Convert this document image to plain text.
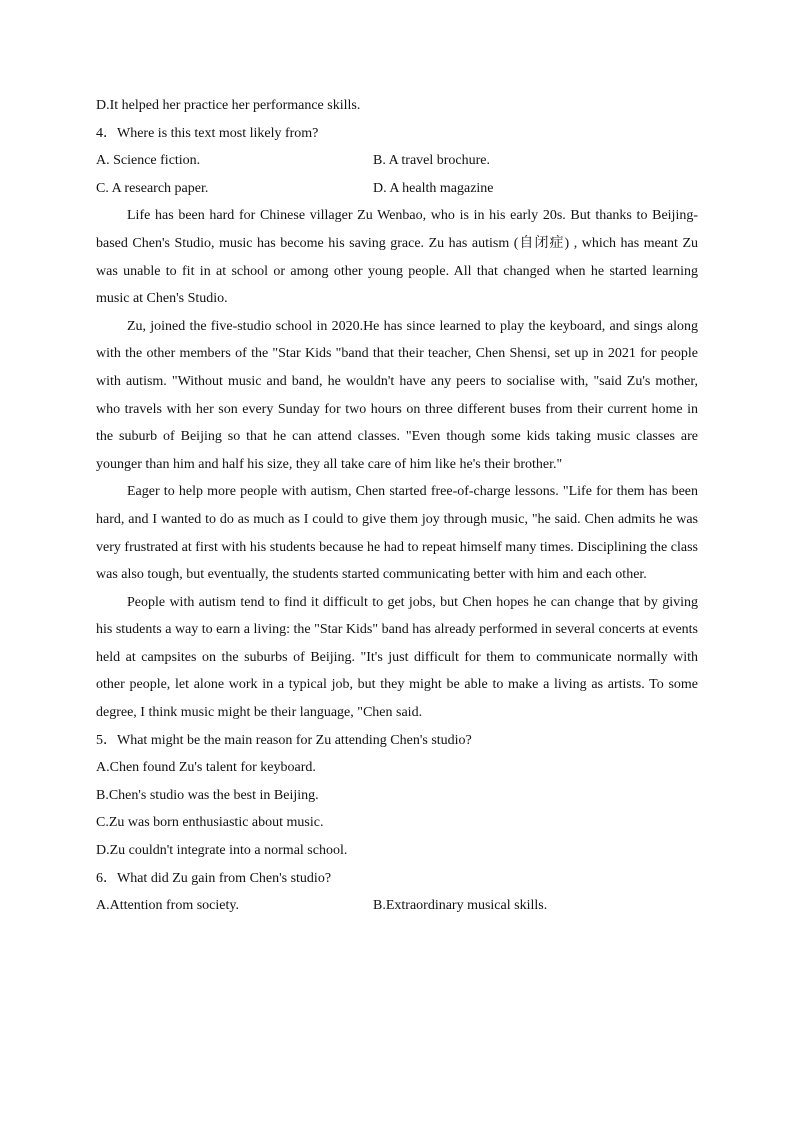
D.It helped her practice her performance skills.
4．Where is this text most likely from?
A. Science fiction.	B. A travel brochure.
C. A research paper.	D. A health magazine

Life has been hard for Chinese villager Zu Wenbao, who is in his early 20s. But thanks to Beijing-based Chen's Studio, music has become his saving grace. Zu has autism (自闭症) , which has meant Zu was unable to fit in at school or among other young people. All that changed when he started learning music at Chen's Studio.

Zu, joined the five-studio school in 2020.He has since learned to play the keyboard, and sings along with the other members of the "Star Kids "band that their teacher, Chen Shensi, set up in 2021 for people with autism. "Without music and band, he wouldn't have any peers to socialise with, "said Zu's mother, who travels with her son every Sunday for two hours on three different buses from their current home in the suburb of Beijing so that he can attend classes. "Even though some kids taking music classes are younger than him and half his size, they all take care of him like he's their brother."

Eager to help more people with autism, Chen started free-of-charge lessons. "Life for them has been hard, and I wanted to do as much as I could to give them joy through music, "he said. Chen admits he was very frustrated at first with his students because he had to repeat himself many times. Disciplining the class was also tough, but eventually, the students started communicating better with him and each other.

People with autism tend to find it difficult to get jobs, but Chen hopes he can change that by giving his students a way to earn a living: the "Star Kids" band has already performed in several concerts at events held at campsites on the suburbs of Beijing. "It's just difficult for them to communicate normally with other people, let alone work in a typical job, but they might be able to make a living as artists. To some degree, I think music might be their language, "Chen said.

5．What might be the main reason for Zu attending Chen's studio?
A.Chen found Zu's talent for keyboard.
B.Chen's studio was the best in Beijing.
C.Zu was born enthusiastic about music.
D.Zu couldn't integrate into a normal school.
6．What did Zu gain from Chen's studio?
A.Attention from society.	B.Extraordinary musical skills.
